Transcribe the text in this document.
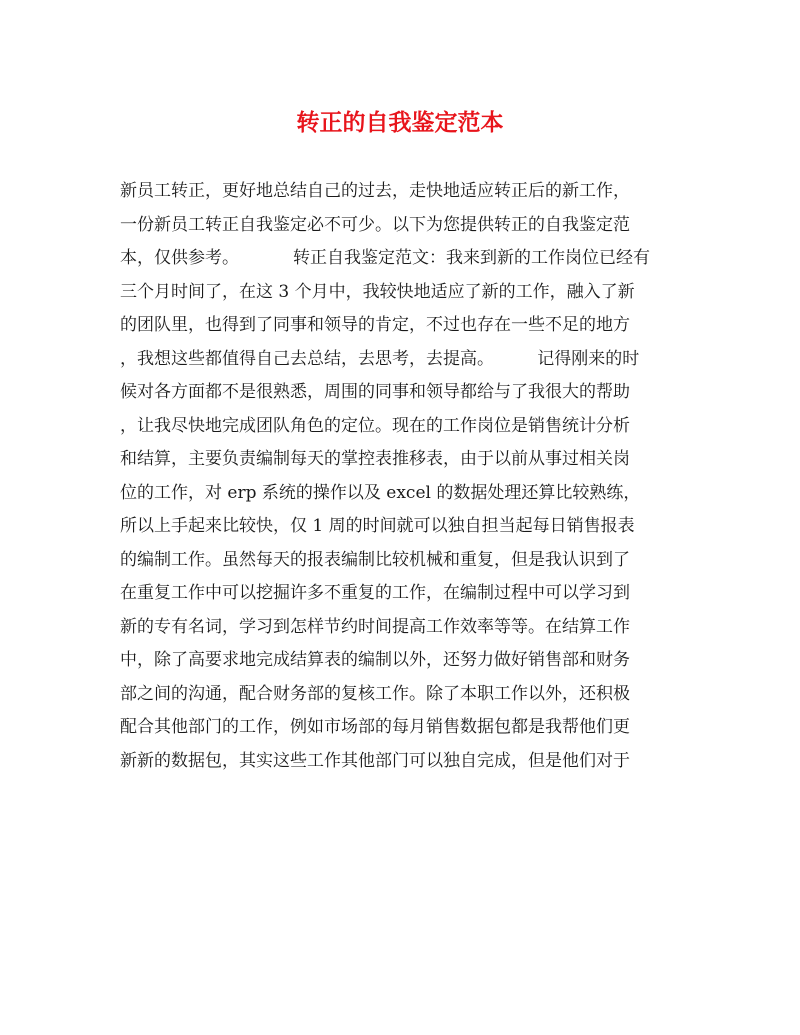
转正的自我鉴定范本
新员工转正，更好地总结自己的过去，走快地适应转正后的新工作，
一份新员工转正自我鉴定必不可少。以下为您提供转正的自我鉴定范
本，仅供参考。          转正自我鉴定范文：我来到新的工作岗位已经有
三个月时间了，在这 3 个月中，我较快地适应了新的工作，融入了新
的团队里，也得到了同事和领导的肯定，不过也存在一些不足的地方
，我想这些都值得自己去总结，去思考，去提高。        记得刚来的时
候对各方面都不是很熟悉，周围的同事和领导都给与了我很大的帮助
，让我尽快地完成团队角色的定位。现在的工作岗位是销售统计分析
和结算，主要负责编制每天的掌控表推移表，由于以前从事过相关岗
位的工作，对 erp 系统的操作以及 excel 的数据处理还算比较熟练，
所以上手起来比较快，仅 1 周的时间就可以独自担当起每日销售报表
的编制工作。虽然每天的报表编制比较机械和重复，但是我认识到了
在重复工作中可以挖掘许多不重复的工作，在编制过程中可以学习到
新的专有名词，学习到怎样节约时间提高工作效率等等。在结算工作
中，除了高要求地完成结算表的编制以外，还努力做好销售部和财务
部之间的沟通，配合财务部的复核工作。除了本职工作以外，还积极
配合其他部门的工作，例如市场部的每月销售数据包都是我帮他们更
新新的数据包，其实这些工作其他部门可以独自完成，但是他们对于
